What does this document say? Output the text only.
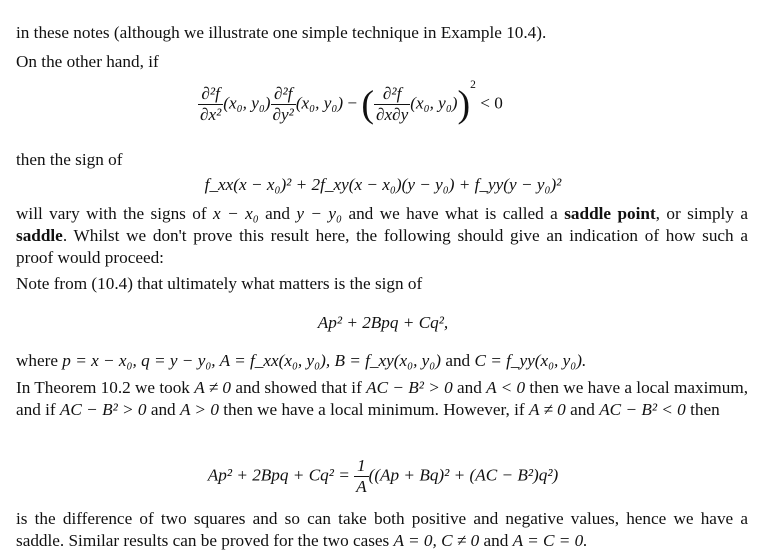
in these notes (although we illustrate one simple technique in Example 10.4).
On the other hand, if
$\frac{\text{∂²f}}{\text{∂x²}} (x_0$, $y_0) \frac{\text{∂²f}}{\text{∂y²}} (x_0$, y₀) − ( $\frac{\text{∂²f}}{\partial x\partial y} (x_0$, y₀))$^2$ < 0
then the sign of
f_xx(x − x₀)² + 2f_xy(x − x₀)(y − y₀) + f_yy(y − y₀)²
will vary with the signs of x − x₀ and y − y₀ and we have what is called a saddle point, or simply a saddle. Whilst we don't prove this result here, the following should give an indication of how such a proof would proceed:
Note from (10.4) that ultimately what matters is the sign of
Ap² + 2Bpq + Cq²,
where p = x − x₀, q = y − y₀, A = f_xx(x₀, y₀), B = f_xy(x₀, y₀) and C = f_yy(x₀, y₀).
In Theorem 10.2 we took A ≠ 0 and showed that if AC − B² > 0 and A < 0 then we have a local maximum, and if AC − B² > 0 and A > 0 then we have a local minimum. However, if A ≠ 0 and AC − B² < 0 then
$Ap^2 + 2Bpq + Cq^2 = \frac{1}{A} ((Ap + Bq)^2 + (AC - B^2)q^2)$
is the difference of two squares and so can take both positive and negative values, hence we have a saddle. Similar results can be proved for the two cases A = 0, C ≠ 0 and A = C = 0.
